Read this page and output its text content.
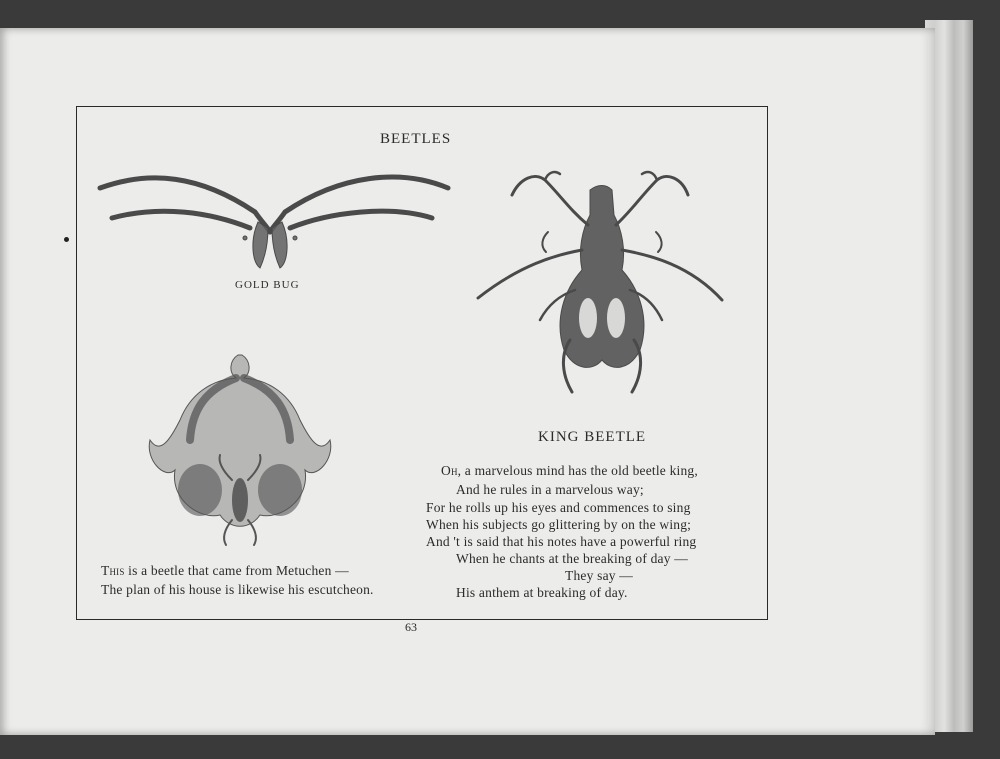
BEETLES
GOLD BUG
KING BEETLE
This is a beetle that came from Metuchen —
The plan of his house is likewise his escutcheon.
Oh, a marvelous mind has the old beetle king,
And he rules in a marvelous way;
For he rolls up his eyes and commences to sing
When his subjects go glittering by on the wing;
And 't is said that his notes have a powerful ring
When he chants at the breaking of day —
They say —
His anthem at breaking of day.
63
